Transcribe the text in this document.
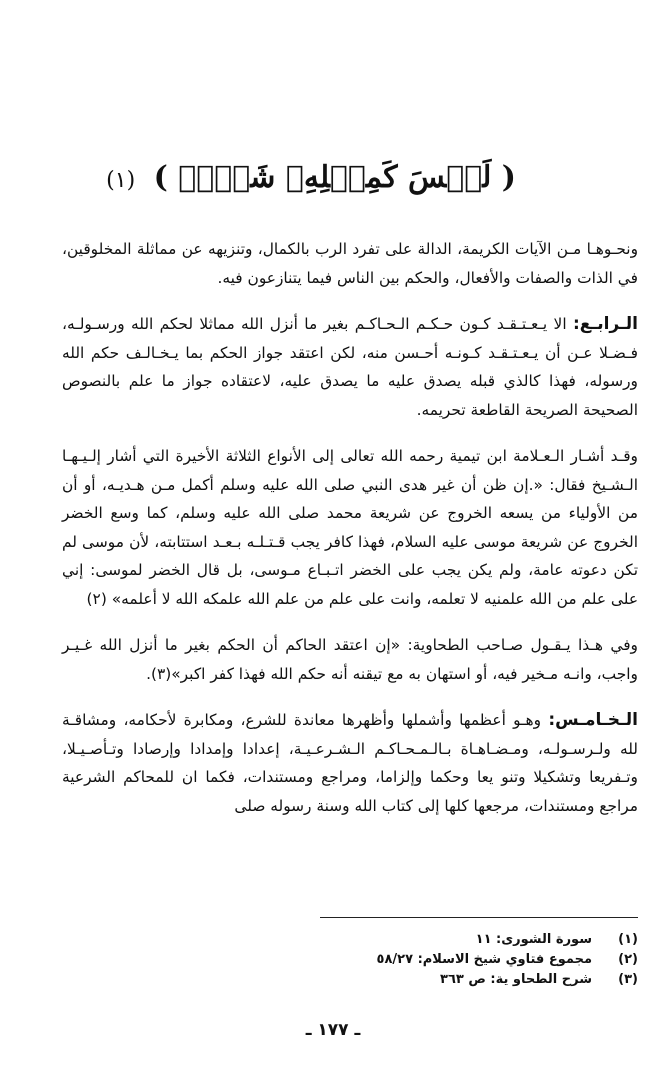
( لَيۡسَ كَمِثۡلِهِۦ شَيۡءٞ ) (١)

ونحـوهـا مـن الآيات الكريمة، الدالة على تفرد الرب بالكمال، وتنزيهه عن مماثلة المخلوقين، في الذات والصفات والأفعال، والحكم بين الناس فيما يتنازعون فيه.

الـرابـع: الا يـعـتـقـد كـون حـكـم الـحـاكـم بغير ما أنزل الله مماثلا لحكم الله ورسـولـه، فـضـلا عـن أن يـعـتـقـد كـونـه أحـسن منه، لكن اعتقد جواز الحكم بما يـخـالـف حكم الله ورسوله، فهذا كالذي قبله يصدق عليه ما يصدق عليه، لاعتقاده جواز ما علم بالنصوص الصحيحة الصريحة القاطعة تحريمه.

وقـد أشـار الـعـلامة ابن تيمية رحمه الله تعالى إلى الأنواع الثلاثة الأخيرة التي أشار إلـيـهـا الـشـيخ فقال: «.إن ظن أن غير هدى النبي صلى الله عليه وسلم أكمل مـن هـديـه، أو أن من الأولياء من يسعه الخروج عن شريعة محمد صلى الله عليه وسلم، كما وسع الخضر الخروج عن شريعة موسى عليه السلام، فهذا كافر يجب قـتـلـه بـعـد استتابته، لأن موسى لم تكن دعوته عامة، ولم يكن يجب على الخضر اتـبـاع مـوسى، بل قال الخضر لموسى: إني على علم من الله علمنيه لا تعلمه، وانت على علم من علم الله علمكه الله لا أعلمه» (٢)

وفي هـذا يـقـول صـاحب الطحاوية: «إن اعتقد الحاكم أن الحكم بغير ما أنزل الله غـيـر واجب، وانـه مـخير فيه، أو استهان به مع تيقنه أنه حكم الله فهذا كفر اكبر»(٣).

الـخـامـس: وهـو أعظمها وأشملها وأظهرها معاندة للشرع، ومكابرة لأحكامه، ومشاقـة لله ولـرسـولـه، ومـضـاهـاة بـالـمـحـاكـم الـشـرعـيـة، إعدادا وإمدادا وإرصادا وتـأصـيـلا، وتـفريعا وتشكيلا وتنو يعا وحكما وإلزاما، ومراجع ومستندات، فكما ان للمحاكم الشرعية مراجع ومستندات، مرجعها كلها إلى كتاب الله وسنة رسوله صلى

(١)
سورة الشورى: ١١
(٢)
مجموع فتاوي شيخ الاسلام: ٥٨/٢٧
(٣)
شرح الطحاو ية: ص ٣٦٣
ـ ١٧٧ ـ
